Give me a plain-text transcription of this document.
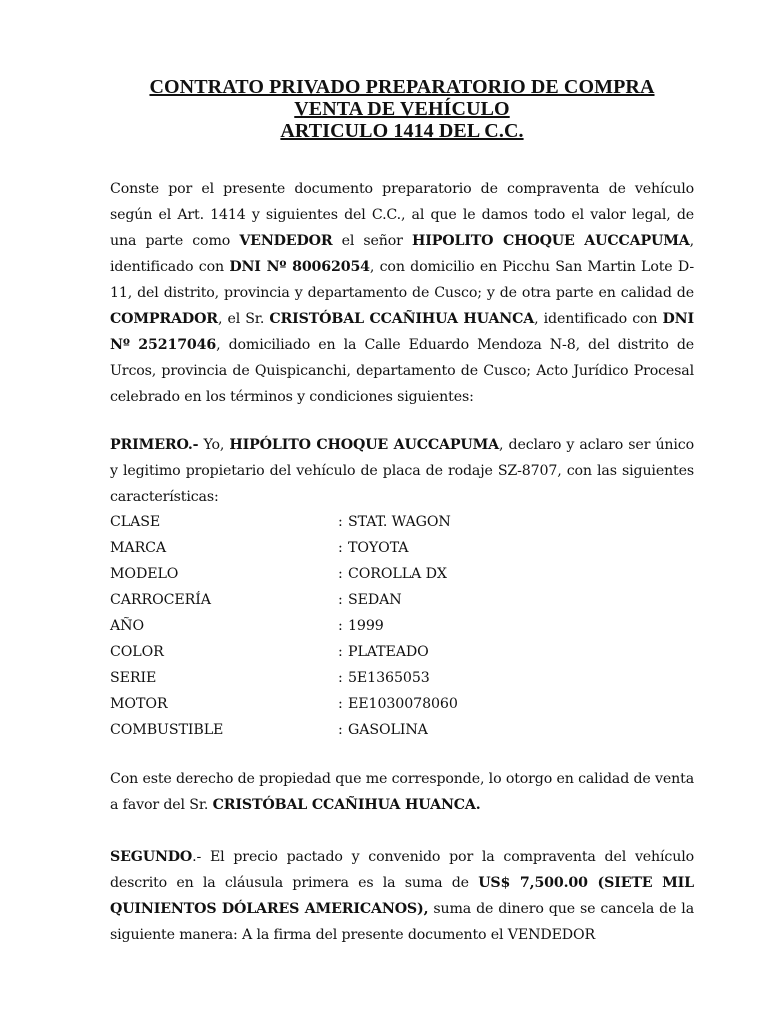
CONTRATO PRIVADO PREPARATORIO DE COMPRA
VENTA DE VEHÍCULO
ARTICULO 1414 DEL C.C.
Conste por el presente documento preparatorio de compraventa de vehículo según el Art. 1414 y siguientes del C.C., al que le damos todo el valor legal, de una parte como VENDEDOR el señor HIPOLITO CHOQUE AUCCAPUMA, identificado con DNI Nº 80062054, con domicilio en Picchu San Martin Lote D-11, del distrito, provincia y departamento de Cusco; y de otra parte en calidad de COMPRADOR, el Sr. CRISTÓBAL CCAÑIHUA HUANCA, identificado con DNI Nº 25217046, domiciliado en la Calle Eduardo Mendoza N-8, del distrito de Urcos, provincia de Quispicanchi, departamento de Cusco; Acto Jurídico Procesal celebrado en los términos y condiciones siguientes:
PRIMERO.- Yo, HIPÓLITO CHOQUE AUCCAPUMA, declaro y aclaro ser único y legitimo propietario del vehículo de placa de rodaje SZ-8707, con las siguientes características:
CLASE	: STAT. WAGON
MARCA	: TOYOTA
MODELO	: COROLLA DX
CARROCERÍA	: SEDAN
AÑO	: 1999
COLOR	: PLATEADO
SERIE	: 5E1365053
MOTOR	: EE1030078060
COMBUSTIBLE	: GASOLINA
Con este derecho de propiedad que me corresponde, lo otorgo en calidad de venta a favor del Sr. CRISTÓBAL CCAÑIHUA HUANCA.
SEGUNDO.- El precio pactado y convenido por la compraventa del vehículo descrito en la cláusula primera es la suma de US$ 7,500.00 (SIETE MIL QUINIENTOS DÓLARES AMERICANOS), suma de dinero que se cancela de la siguiente manera: A la firma del presente documento el VENDEDOR
